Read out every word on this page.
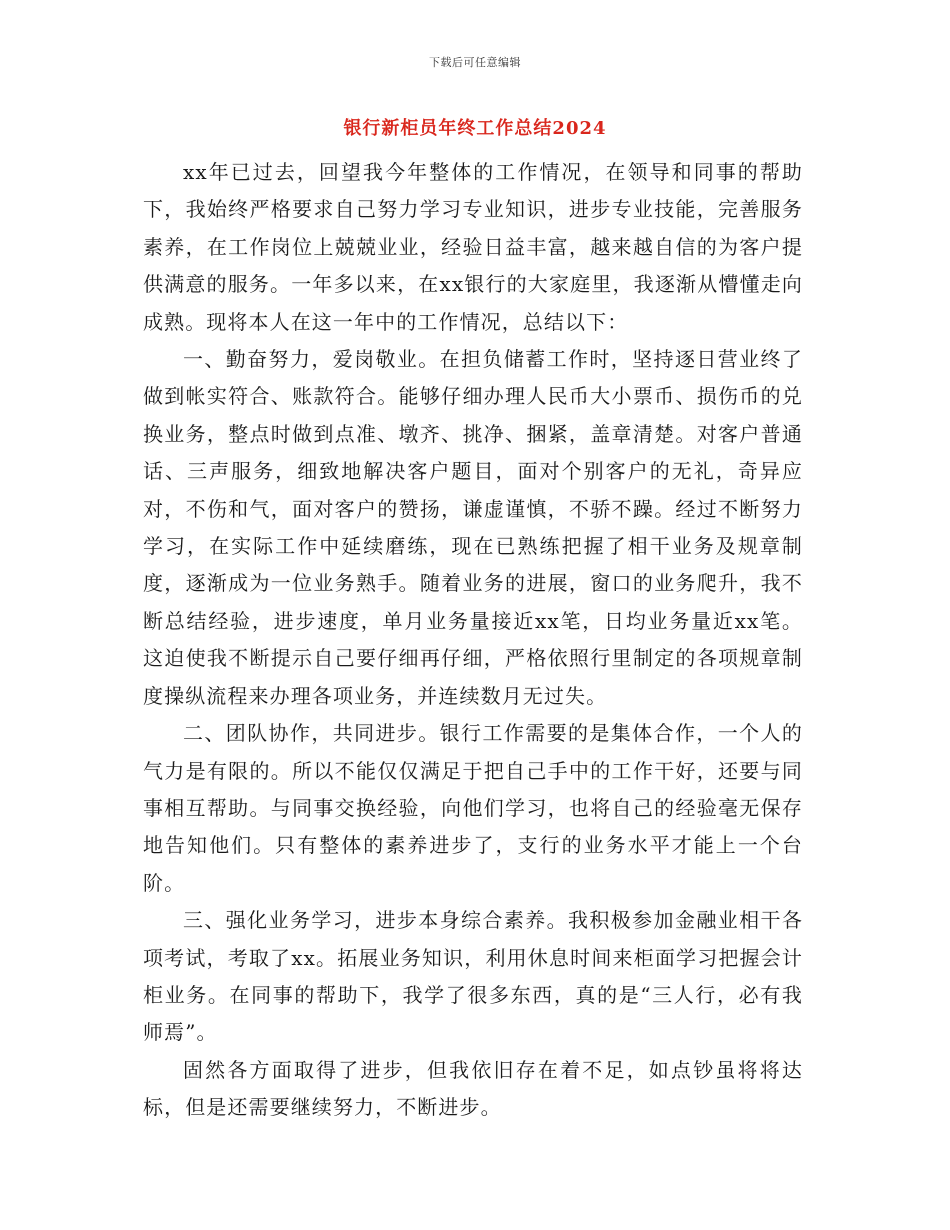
下载后可任意编辑
银行新柜员年终工作总结2024

xx年已过去，回望我今年整体的工作情况，在领导和同事的帮助下，我始终严格要求自己努力学习专业知识，进步专业技能，完善服务素养，在工作岗位上兢兢业业，经验日益丰富，越来越自信的为客户提供满意的服务。一年多以来，在xx银行的大家庭里，我逐渐从懵懂走向成熟。现将本人在这一年中的工作情况，总结以下：

一、勤奋努力，爱岗敬业。在担负储蓄工作时，坚持逐日营业终了做到帐实符合、账款符合。能够仔细办理人民币大小票币、损伤币的兑换业务，整点时做到点准、墩齐、挑净、捆紧，盖章清楚。对客户普通话、三声服务，细致地解决客户题目，面对个别客户的无礼，奇异应对，不伤和气，面对客户的赞扬，谦虚谨慎，不骄不躁。经过不断努力学习，在实际工作中延续磨练，现在已熟练把握了相干业务及规章制度，逐渐成为一位业务熟手。随着业务的进展，窗口的业务爬升，我不断总结经验，进步速度，单月业务量接近xx笔，日均业务量近xx笔。这迫使我不断提示自己要仔细再仔细，严格依照行里制定的各项规章制度操纵流程来办理各项业务，并连续数月无过失。

二、团队协作，共同进步。银行工作需要的是集体合作，一个人的气力是有限的。所以不能仅仅满足于把自己手中的工作干好，还要与同事相互帮助。与同事交换经验，向他们学习，也将自己的经验毫无保存地告知他们。只有整体的素养进步了，支行的业务水平才能上一个台阶。

三、强化业务学习，进步本身综合素养。我积极参加金融业相干各项考试，考取了xx。拓展业务知识，利用休息时间来柜面学习把握会计柜业务。在同事的帮助下，我学了很多东西，真的是“三人行，必有我师焉”。

固然各方面取得了进步，但我依旧存在着不足，如点钞虽将将达标，但是还需要继续努力，不断进步。
